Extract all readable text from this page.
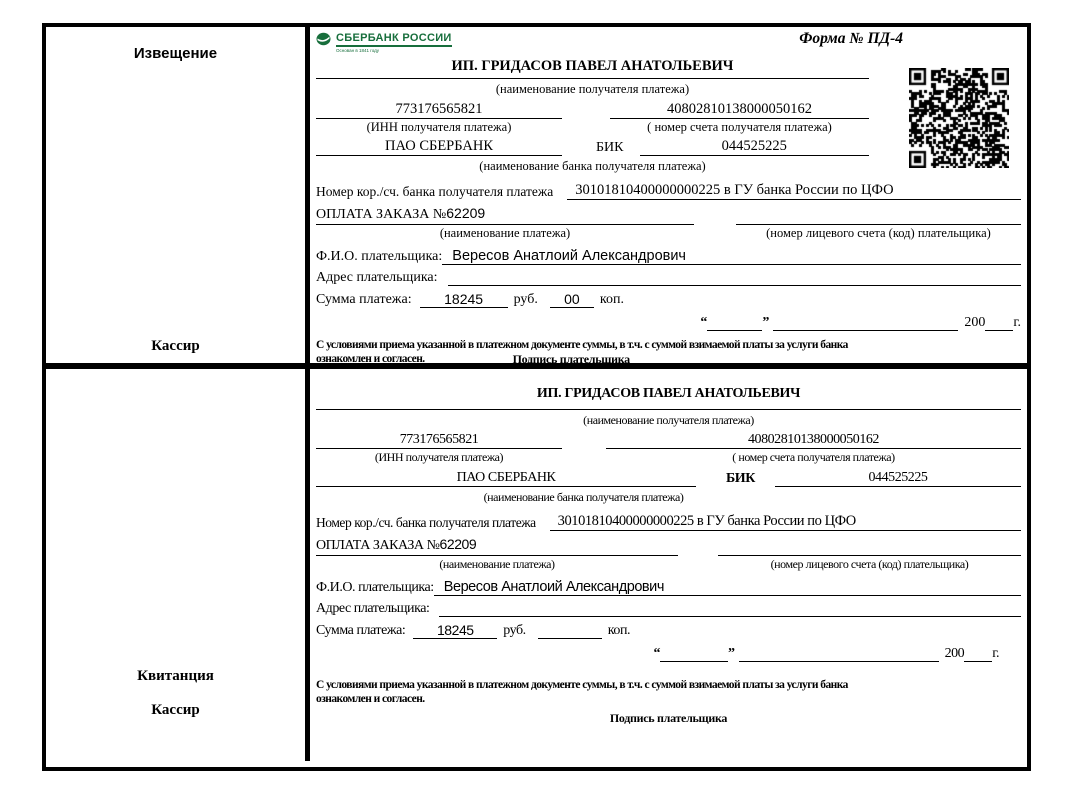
Извещение
Кассир
СБЕРБАНК РОССИИ
Основан в 1841 году
Форма № ПД-4
ИП. ГРИДАСОВ ПАВЕЛ АНАТОЛЬЕВИЧ
(наименование получателя платежа)
773176565821	40802810138000050162
(ИНН получателя платежа)	( номер счета получателя платежа)
ПАО СБЕРБАНК	БИК	044525225
(наименование банка получателя платежа)
Номер кор./сч. банка получателя платежа	30101810400000000225 в ГУ банка России по ЦФО
ОПЛАТА ЗАКАЗА №62209
(наименование платежа)	(номер лицевого счета (код) плательщика)
Ф.И.О. плательщика: Вересов Анатлоий Александрович
Адрес плательщика:
Сумма платежа:	18245	руб.	00	коп.
“	”	200 г.
С условиями приема указанной в платежном документе суммы, в т.ч. с суммой взимаемой платы за услуги банка
ознакомлен и согласен.	Подпись плательщика
Квитанция
Кассир
ИП. ГРИДАСОВ ПАВЕЛ АНАТОЛЬЕВИЧ
(наименование получателя платежа)
773176565821	40802810138000050162
(ИНН получателя платежа)	( номер счета получателя платежа)
ПАО СБЕРБАНК	БИК	044525225
(наименование банка получателя платежа)
Номер кор./сч. банка получателя платежа	30101810400000000225 в ГУ банка России по ЦФО
ОПЛАТА ЗАКАЗА №62209
(наименование платежа)	(номер лицевого счета (код) плательщика)
Ф.И.О. плательщика: Вересов Анатлоий Александрович
Адрес плательщика:
Сумма платежа:	18245	руб.	коп.
“	”	200 г.
С условиями приема указанной в платежном документе суммы, в т.ч. с суммой взимаемой платы за услуги банка
ознакомлен и согласен.
Подпись плательщика
